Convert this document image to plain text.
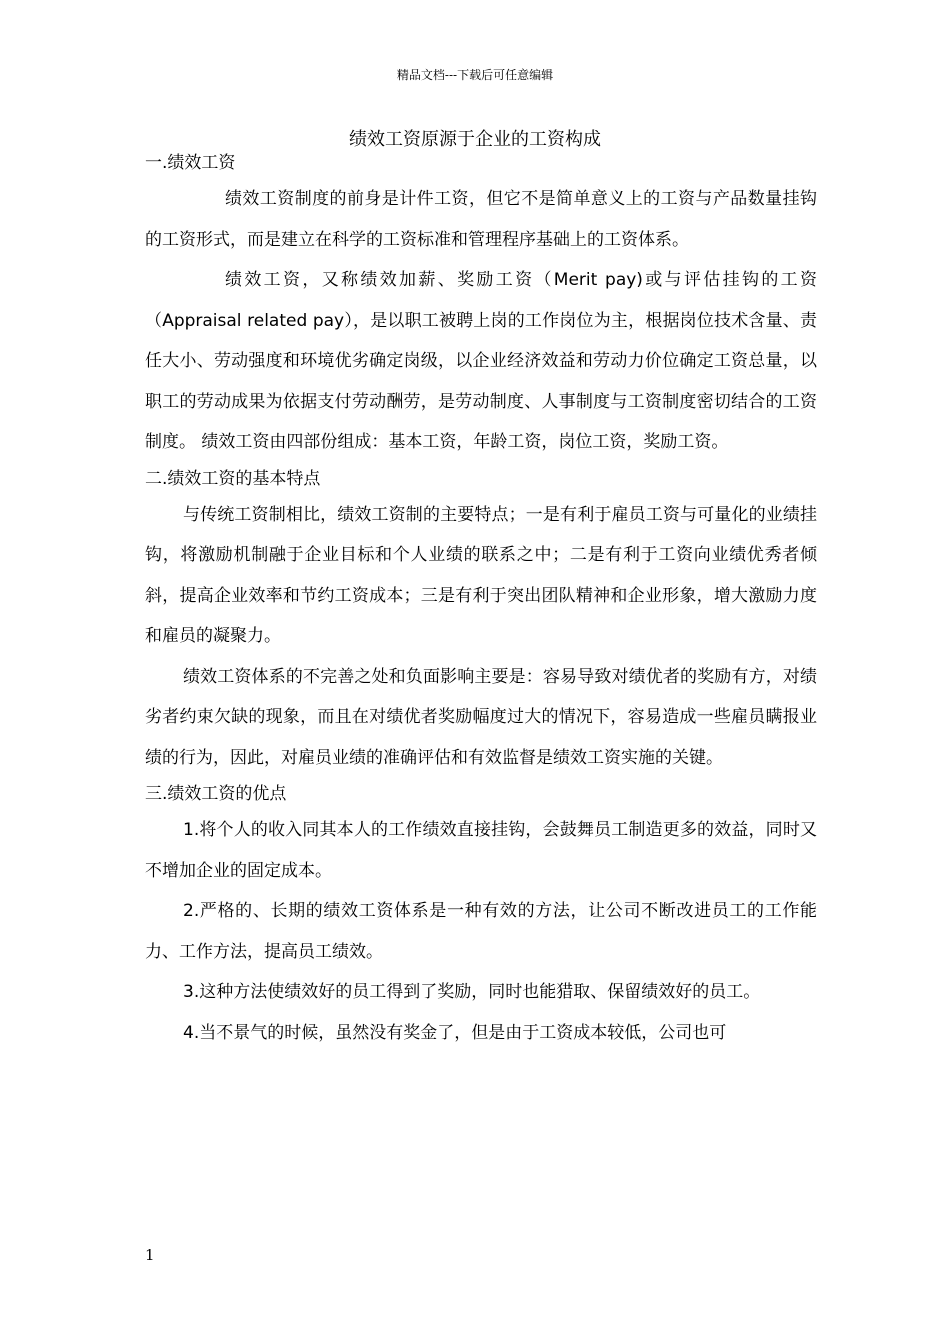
精品文档---下载后可任意编辑
绩效工资原源于企业的工资构成
一.绩效工资

绩效工资制度的前身是计件工资，但它不是简单意义上的工资与产品数量挂钩的工资形式，而是建立在科学的工资标准和管理程序基础上的工资体系。

绩效工资，又称绩效加薪、奖励工资（Merit pay)或与评估挂钩的工资（Appraisal related pay），是以职工被聘上岗的工作岗位为主，根据岗位技术含量、责任大小、劳动强度和环境优劣确定岗级，以企业经济效益和劳动力价位确定工资总量，以职工的劳动成果为依据支付劳动酬劳，是劳动制度、人事制度与工资制度密切结合的工资制度。 绩效工资由四部份组成：基本工资，年龄工资，岗位工资，奖励工资。

二.绩效工资的基本特点

与传统工资制相比，绩效工资制的主要特点；一是有利于雇员工资与可量化的业绩挂钩，将激励机制融于企业目标和个人业绩的联系之中；二是有利于工资向业绩优秀者倾斜，提高企业效率和节约工资成本；三是有利于突出团队精神和企业形象，增大激励力度和雇员的凝聚力。

绩效工资体系的不完善之处和负面影响主要是：容易导致对绩优者的奖励有方，对绩劣者约束欠缺的现象，而且在对绩优者奖励幅度过大的情况下，容易造成一些雇员瞒报业绩的行为，因此，对雇员业绩的准确评估和有效监督是绩效工资实施的关键。

三.绩效工资的优点

1.将个人的收入同其本人的工作绩效直接挂钩，会鼓舞员工制造更多的效益，同时又不增加企业的固定成本。

2.严格的、长期的绩效工资体系是一种有效的方法，让公司不断改进员工的工作能力、工作方法，提高员工绩效。

3.这种方法使绩效好的员工得到了奖励，同时也能猎取、保留绩效好的员工。

4.当不景气的时候，虽然没有奖金了，但是由于工资成本较低，公司也可

1
